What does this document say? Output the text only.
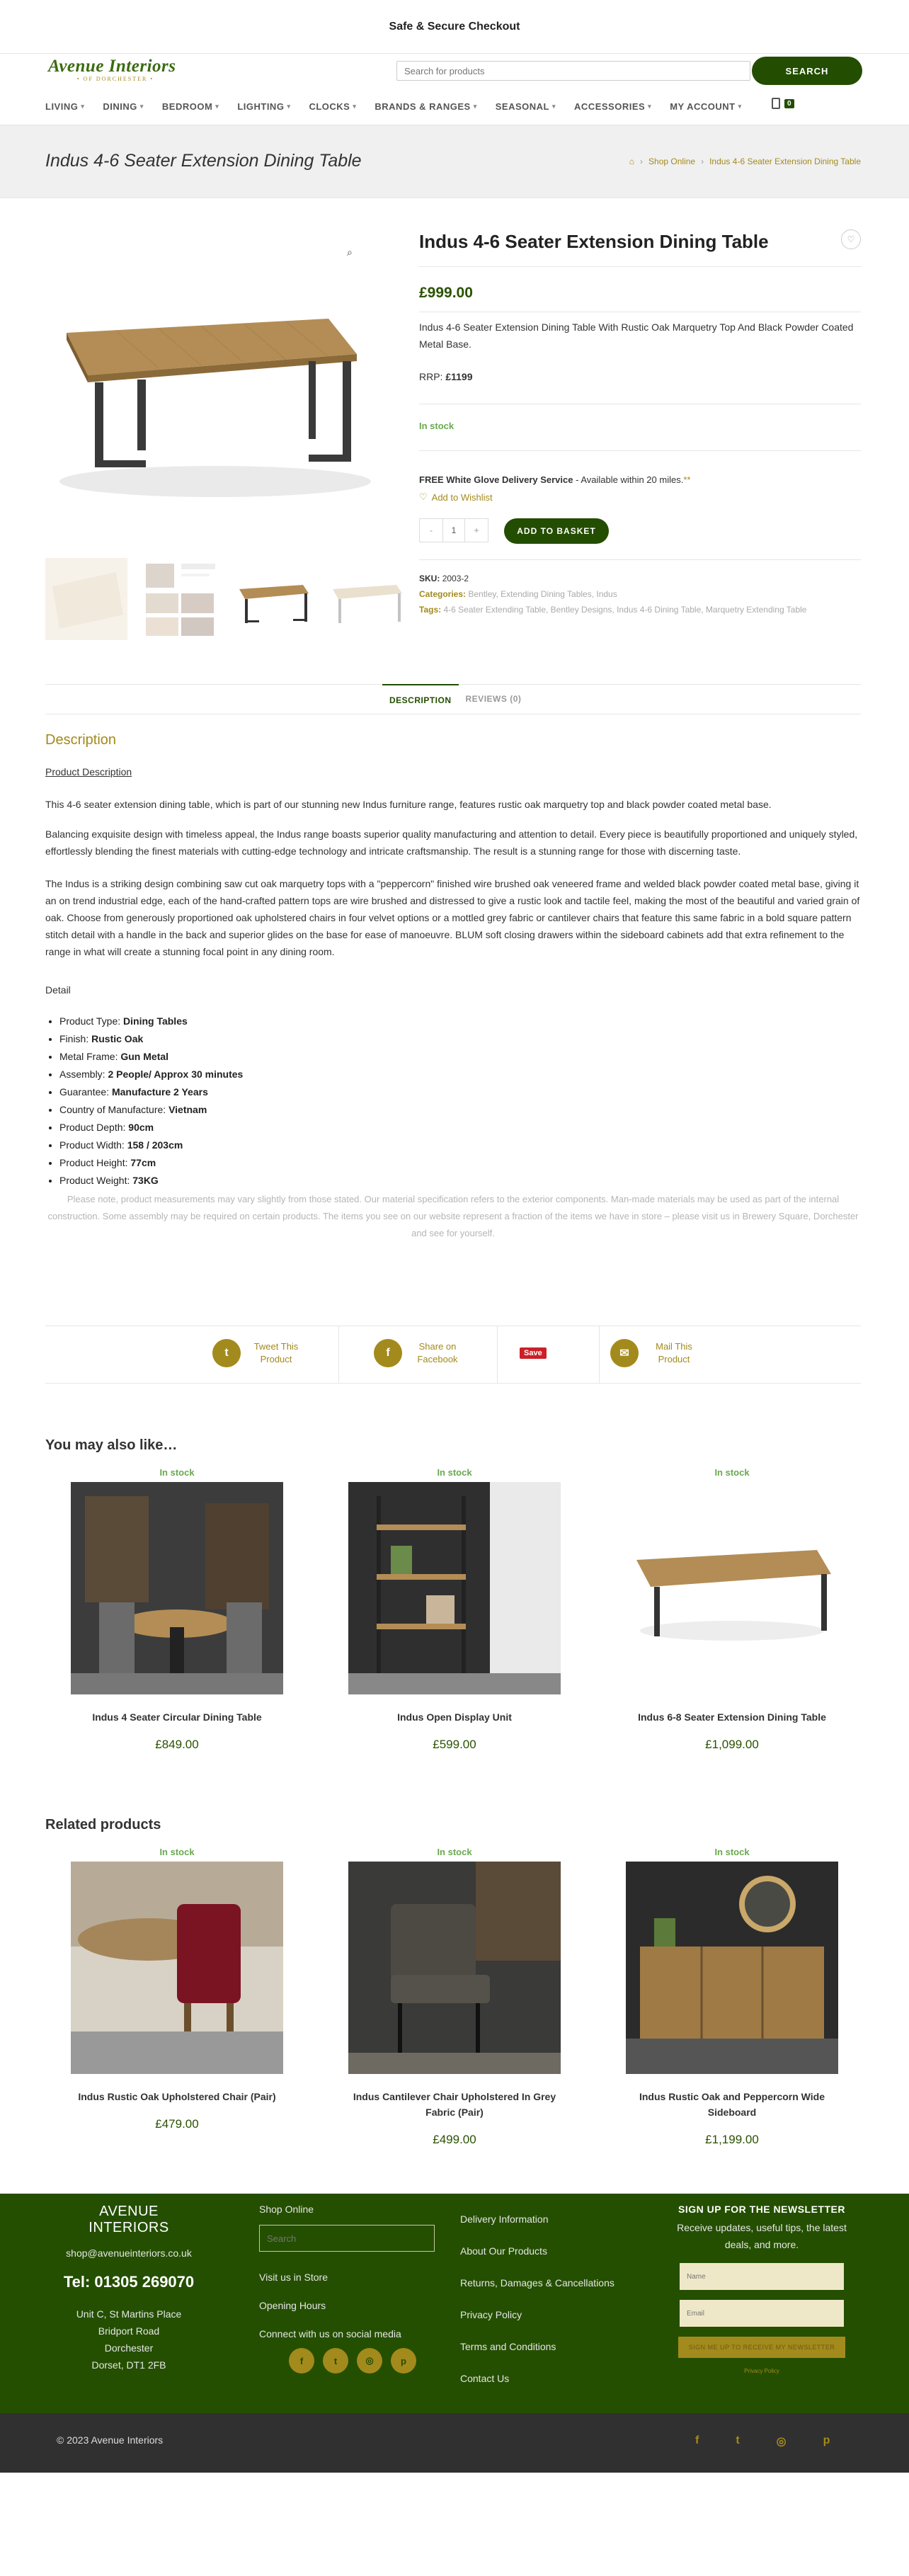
Safe & Secure Checkout
Avenue Interiors
• OF DORCHESTER •
Search for products
SEARCH
LIVING ▾ DINING ▾ BEDROOM ▾ LIGHTING ▾ CLOCKS ▾ BRANDS & RANGES ▾ SEASONAL ▾ ACCESSORIES ▾ MY ACCOUNT ▾	0
Indus 4-6 Seater Extension Dining Table	⌂ › Shop Online › Indus 4-6 Seater Extension Dining Table
⌕	Indus 4-6 Seater Extension Dining Table	♡
£999.00
Indus 4-6 Seater Extension Dining Table With Rustic Oak Marquetry Top And Black Powder Coated Metal Base.
RRP: £1199
In stock
FREE White Glove Delivery Service - Available within 20 miles.**
♡ Add to Wishlist
-	1	+	ADD TO BASKET
SKU: 2003-2
Categories: Bentley, Extending Dining Tables, Indus
Tags: 4-6 Seater Extending Table, Bentley Designs, Indus 4-6 Dining Table, Marquetry Extending Table
DESCRIPTION	REVIEWS (0)
Description
Product Description
This 4-6 seater extension dining table, which is part of our stunning new Indus furniture range, features rustic oak marquetry top and black powder coated metal base.
Balancing exquisite design with timeless appeal, the Indus range boasts superior quality manufacturing and attention to detail. Every piece is beautifully proportioned and uniquely styled, effortlessly blending the finest materials with cutting-edge technology and intricate craftsmanship. The result is a stunning range for those with discerning taste.
The Indus is a striking design combining saw cut oak marquetry tops with a "peppercorn" finished wire brushed oak veneered frame and welded black powder coated metal base, giving it an on trend industrial edge, each of the hand-crafted pattern tops are wire brushed and distressed to give a rustic look and tactile feel, making the most of the beautiful and varied grain of oak. Choose from generously proportioned oak upholstered chairs in four velvet options or a mottled grey fabric or cantilever chairs that feature this same fabric in a bold square pattern stitch detail with a handle in the back and superior glides on the base for ease of manoeuvre. BLUM soft closing drawers within the sideboard cabinets add that extra refinement to the range in what will create a stunning focal point in any dining room.
Detail
• Product Type: Dining Tables
• Finish: Rustic Oak
• Metal Frame: Gun Metal
• Assembly: 2 People/ Approx 30 minutes
• Guarantee: Manufacture 2 Years
• Country of Manufacture: Vietnam
• Product Depth: 90cm
• Product Width: 158 / 203cm
• Product Height: 77cm
• Product Weight: 73KG
Please note, product measurements may vary slightly from those stated. Our material specification refers to the exterior components. Man-made materials may be used as part of the internal construction. Some assembly may be required on certain products. The items you see on our website represent a fraction of the items we have in store – please visit us in Brewery Square, Dorchester and see for yourself.
t
Tweet This Product
f
Share on Facebook
Save	✉
Mail This Product
You may also like…
In stock
Indus 4 Seater Circular Dining Table
£849.00
In stock
Indus Open Display Unit
£599.00
In stock
Indus 6-8 Seater Extension Dining Table
£1,099.00
Related products
In stock
Indus Rustic Oak Upholstered Chair (Pair)
£479.00
In stock
Indus Cantilever Chair Upholstered In Grey Fabric (Pair)
£499.00
In stock
Indus Rustic Oak and Peppercorn Wide Sideboard
£1,199.00
AVENUE INTERIORS
shop@avenueinteriors.co.uk
Tel: 01305 269070
Unit C, St Martins Place
Bridport Road
Dorchester
Dorset, DT1 2FB
Shop Online
Search
Visit us in Store
Opening Hours
Connect with us on social media
f	t	◎	p
Delivery Information
About Our Products
Returns, Damages & Cancellations
Privacy Policy
Terms and Conditions
Contact Us
SIGN UP FOR THE NEWSLETTER
Receive updates, useful tips, the latest deals, and more.
Name
Email
SIGN ME UP TO RECEIVE MY NEWSLETTER
Privacy Policy
© 2023 Avenue Interiors	f	t	◎	p
